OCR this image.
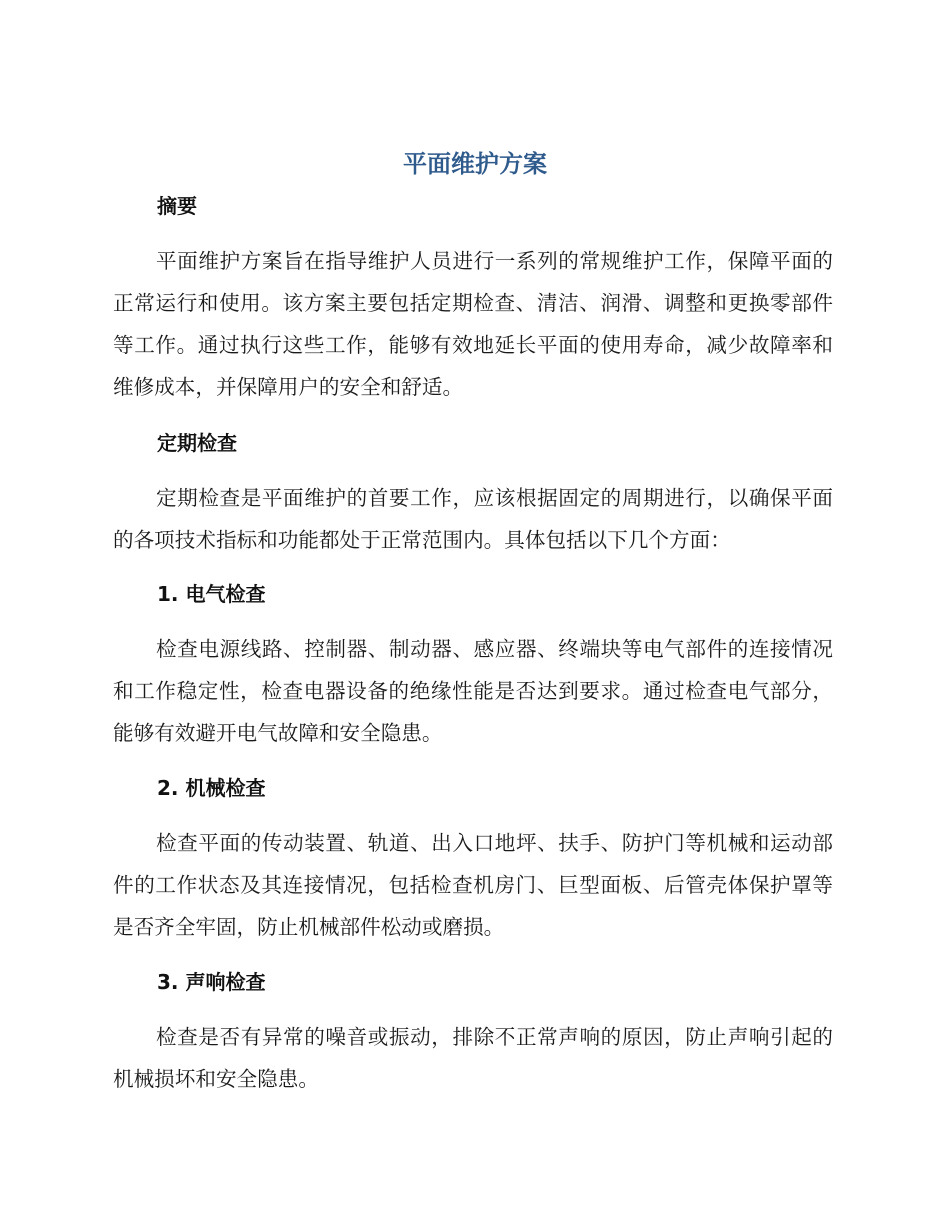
平面维护方案
摘要

平面维护方案旨在指导维护人员进行一系列的常规维护工作，保障平面的正常运行和使用。该方案主要包括定期检查、清洁、润滑、调整和更换零部件等工作。通过执行这些工作，能够有效地延长平面的使用寿命，减少故障率和维修成本，并保障用户的安全和舒适。

定期检查

定期检查是平面维护的首要工作，应该根据固定的周期进行，以确保平面的各项技术指标和功能都处于正常范围内。具体包括以下几个方面：

1. 电气检查

检查电源线路、控制器、制动器、感应器、终端块等电气部件的连接情况和工作稳定性，检查电器设备的绝缘性能是否达到要求。通过检查电气部分，能够有效避开电气故障和安全隐患。

2. 机械检查

检查平面的传动装置、轨道、出入口地坪、扶手、防护门等机械和运动部件的工作状态及其连接情况，包括检查机房门、巨型面板、后管壳体保护罩等是否齐全牢固，防止机械部件松动或磨损。

3. 声响检查

检查是否有异常的噪音或振动，排除不正常声响的原因，防止声响引起的机械损坏和安全隐患。
